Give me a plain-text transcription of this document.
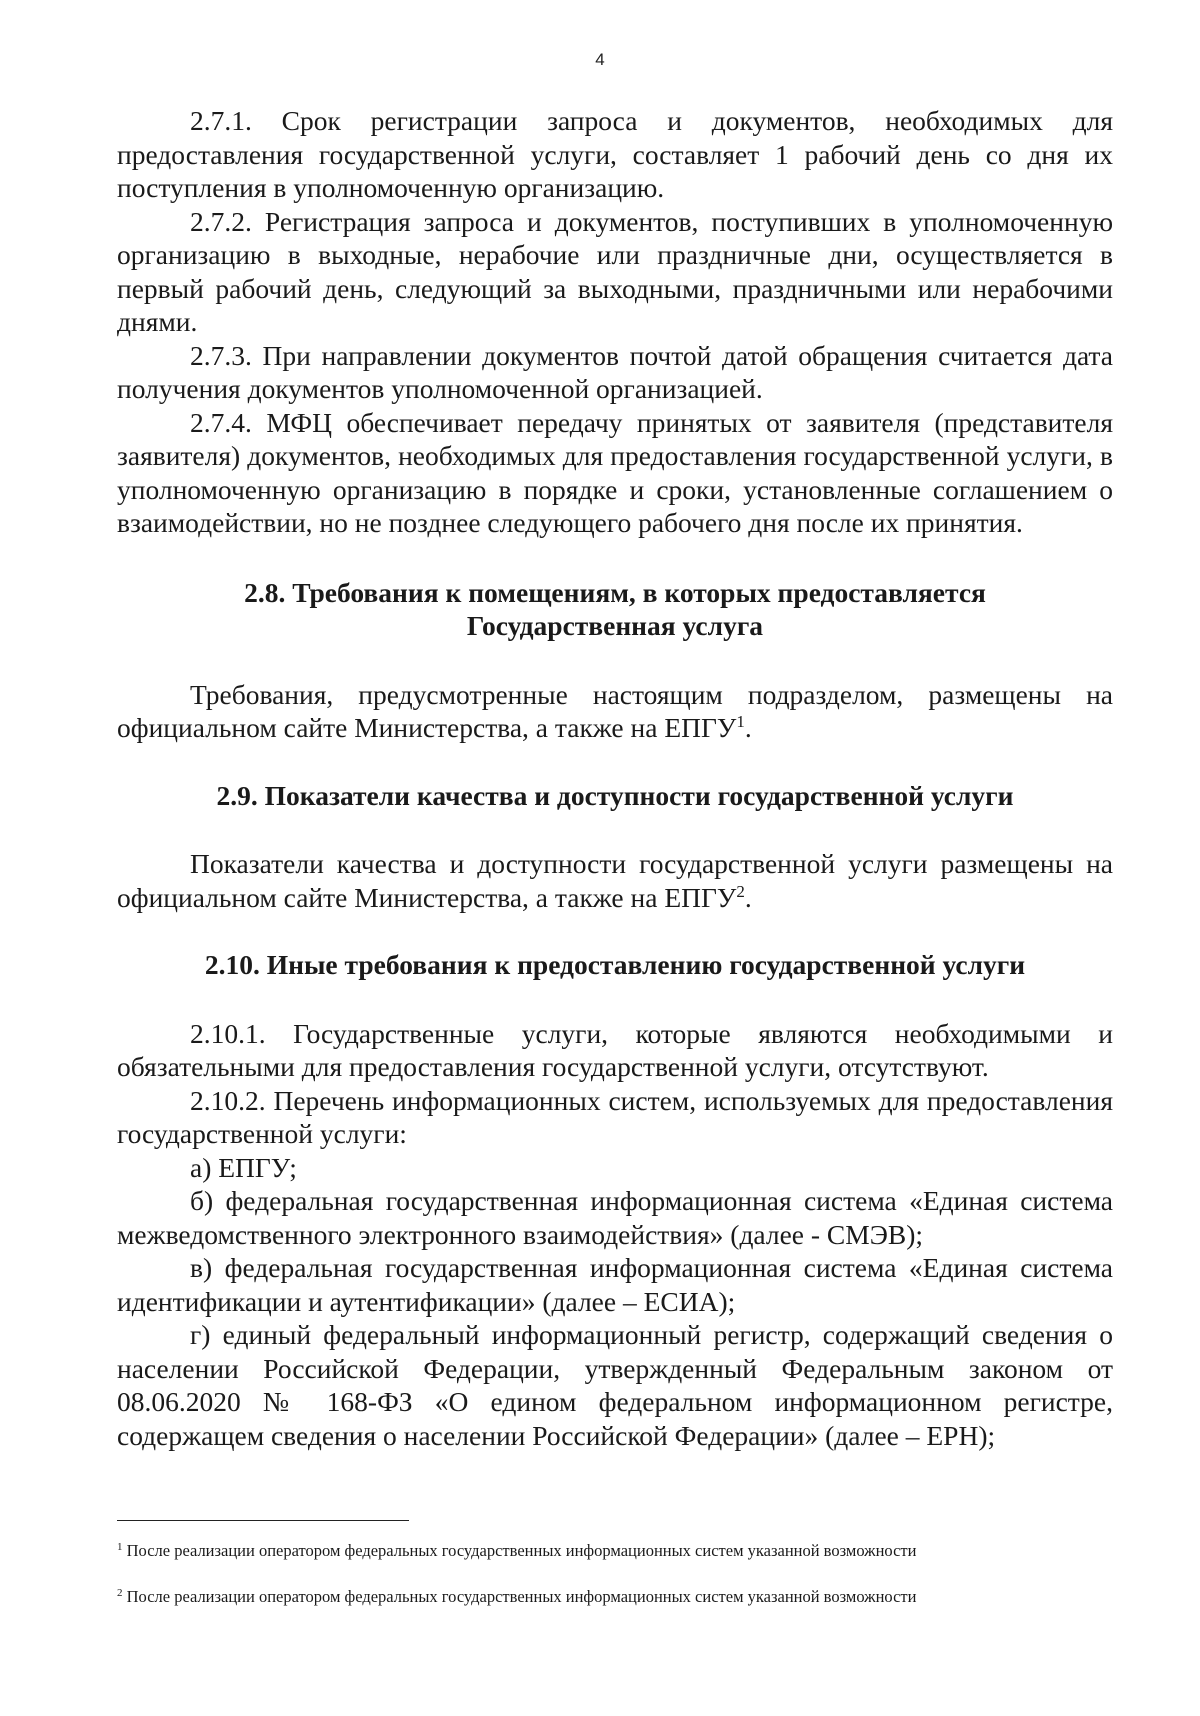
4

2.7.1. Срок регистрации запроса и документов, необходимых для предоставления государственной услуги, составляет 1 рабочий день со дня их поступления в уполномоченную организацию.

2.7.2. Регистрация запроса и документов, поступивших в уполномоченную организацию в выходные, нерабочие или праздничные дни, осуществляется в первый рабочий день, следующий за выходными, праздничными или нерабочими днями.

2.7.3. При направлении документов почтой датой обращения считается дата получения документов уполномоченной организацией.

2.7.4. МФЦ обеспечивает передачу принятых от заявителя (представителя заявителя) документов, необходимых для предоставления государственной услуги, в уполномоченную организацию в порядке и сроки, установленные соглашением о взаимодействии, но не позднее следующего рабочего дня после их принятия.

2.8. Требования к помещениям, в которых предоставляется

Государственная услуга

Требования, предусмотренные настоящим подразделом, размещены на официальном сайте Министерства, а также на ЕПГУ$^1$.

2.9. Показатели качества и доступности государственной услуги

Показатели качества и доступности государственной услуги размещены на официальном сайте Министерства, а также на ЕПГУ$^2$.

2.10. Иные требования к предоставлению государственной услуги

2.10.1. Государственные услуги, которые являются необходимыми и обязательными для предоставления государственной услуги, отсутствуют.

2.10.2. Перечень информационных систем, используемых для предоставления государственной услуги:

а) ЕПГУ;

б) федеральная государственная информационная система «Единая система межведомственного электронного взаимодействия» (далее - СМЭВ);

в) федеральная государственная информационная система «Единая система идентификации и аутентификации» (далее – ЕСИА);

г) единый федеральный информационный регистр, содержащий сведения о населении Российской Федерации, утвержденный Федеральным законом от 08.06.2020 № 168-ФЗ «О едином федеральном информационном регистре, содержащем сведения о населении Российской Федерации» (далее – ЕРН);

$^1$ После реализации оператором федеральных государственных информационных систем указанной возможности
$^2$ После реализации оператором федеральных государственных информационных систем указанной возможности
